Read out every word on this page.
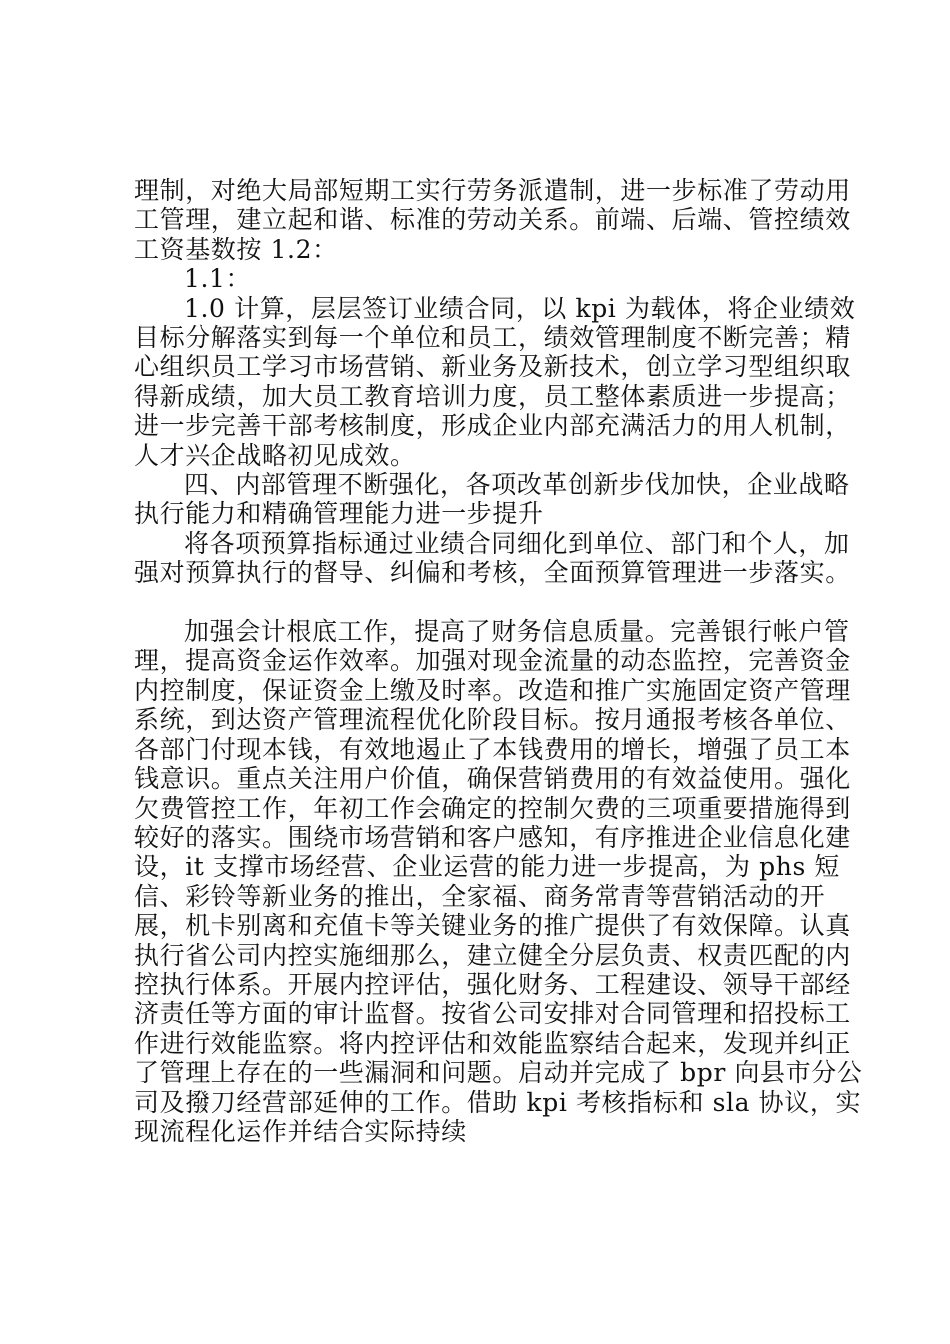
理制，对绝大局部短期工实行劳务派遣制，进一步标准了劳动用工管理，建立起和谐、标准的劳动关系。前端、后端、管控绩效工资基数按 1.2：

1.1：

1.0 计算，层层签订业绩合同，以 kpi 为载体，将企业绩效目标分解落实到每一个单位和员工，绩效管理制度不断完善；精心组织员工学习市场营销、新业务及新技术，创立学习型组织取得新成绩，加大员工教育培训力度，员工整体素质进一步提高；进一步完善干部考核制度，形成企业内部充满活力的用人机制，人才兴企战略初见成效。

四、内部管理不断强化，各项改革创新步伐加快，企业战略执行能力和精确管理能力进一步提升

将各项预算指标通过业绩合同细化到单位、部门和个人，加强对预算执行的督导、纠偏和考核，全面预算管理进一步落实。

加强会计根底工作，提高了财务信息质量。完善银行帐户管理，提高资金运作效率。加强对现金流量的动态监控，完善资金内控制度，保证资金上缴及时率。改造和推广实施固定资产管理系统，到达资产管理流程优化阶段目标。按月通报考核各单位、各部门付现本钱，有效地遏止了本钱费用的增长，增强了员工本钱意识。重点关注用户价值，确保营销费用的有效益使用。强化欠费管控工作，年初工作会确定的控制欠费的三项重要措施得到较好的落实。围绕市场营销和客户感知，有序推进企业信息化建设，it 支撑市场经营、企业运营的能力进一步提高，为 phs 短信、彩铃等新业务的推出，全家福、商务常青等营销活动的开展，机卡别离和充值卡等关键业务的推广提供了有效保障。认真执行省公司内控实施细那么，建立健全分层负责、权责匹配的内控执行体系。开展内控评估，强化财务、工程建设、领导干部经济责任等方面的审计监督。按省公司安排对合同管理和招投标工作进行效能监察。将内控评估和效能监察结合起来，发现并纠正了管理上存在的一些漏洞和问题。启动并完成了 bpr 向县市分公司及撥刀经营部延伸的工作。借助 kpi 考核指标和 sla 协议，实现流程化运作并结合实际持续
